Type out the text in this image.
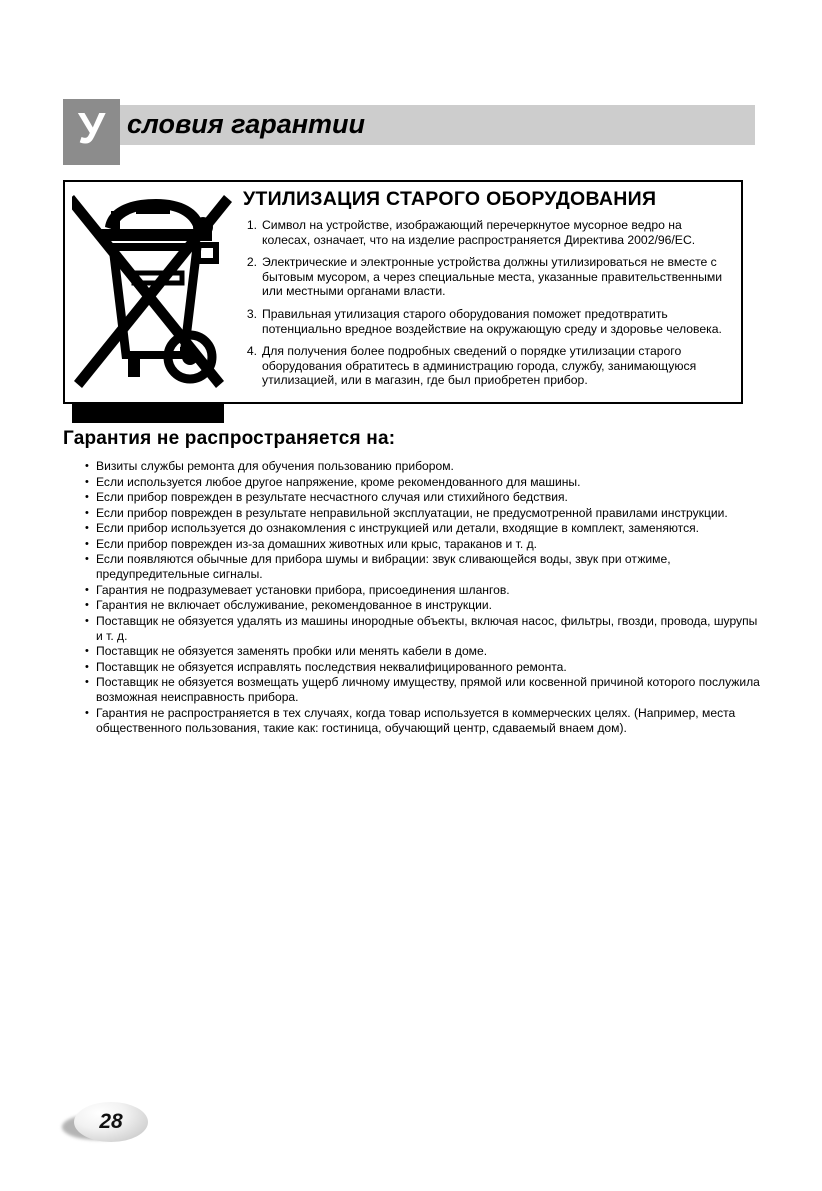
У словия гарантии
УТИЛИЗАЦИЯ СТАРОГО ОБОРУДОВАНИЯ
1. Символ на устройстве, изображающий перечеркнутое мусорное ведро на колесах, означает, что на изделие распространяется Директива 2002/96/ЕС.
2. Электрические и электронные устройства должны утилизироваться не вместе с бытовым мусором, а через специальные места, указанные правительственными или местными органами власти.
3. Правильная утилизация старого оборудования поможет предотвратить потенциально вредное воздействие на окружающую среду и здоровье человека.
4. Для получения более подробных сведений о порядке утилизации старого оборудования обратитесь в администрацию города, службу, занимающуюся утилизацией, или в магазин, где был приобретен прибор.
Гарантия не распространяется на:
• Визиты службы ремонта для обучения пользованию прибором.
• Если используется любое другое напряжение, кроме рекомендованного для машины.
• Если прибор поврежден в результате несчастного случая или стихийного бедствия.
• Если прибор поврежден в результате неправильной эксплуатации, не предусмотренной правилами инструкции.
• Если прибор используется до ознакомления с инструкцией или детали, входящие в комплект, заменяются.
• Если прибор поврежден из-за домашних животных или крыс, тараканов и т. д.
• Если появляются обычные для прибора шумы и вибрации: звук сливающейся воды, звук при отжиме, предупредительные сигналы.
• Гарантия не подразумевает установки прибора, присоединения шлангов.
• Гарантия не включает обслуживание, рекомендованное в инструкции.
• Поставщик не обязуется удалять из машины инородные объекты, включая насос, фильтры, гвозди, провода, шурупы и т. д.
• Поставщик не обязуется заменять пробки или менять кабели в доме.
• Поставщик не обязуется исправлять последствия неквалифицированного ремонта.
• Поставщик не обязуется возмещать ущерб личному имуществу, прямой или косвенной причиной которого послужила возможная неисправность прибора.
• Гарантия не распространяется в тех случаях, когда товар используется в коммерческих целях. (Например, места общественного пользования, такие как: гостиница, обучающий центр, сдаваемый внаем дом).
28
